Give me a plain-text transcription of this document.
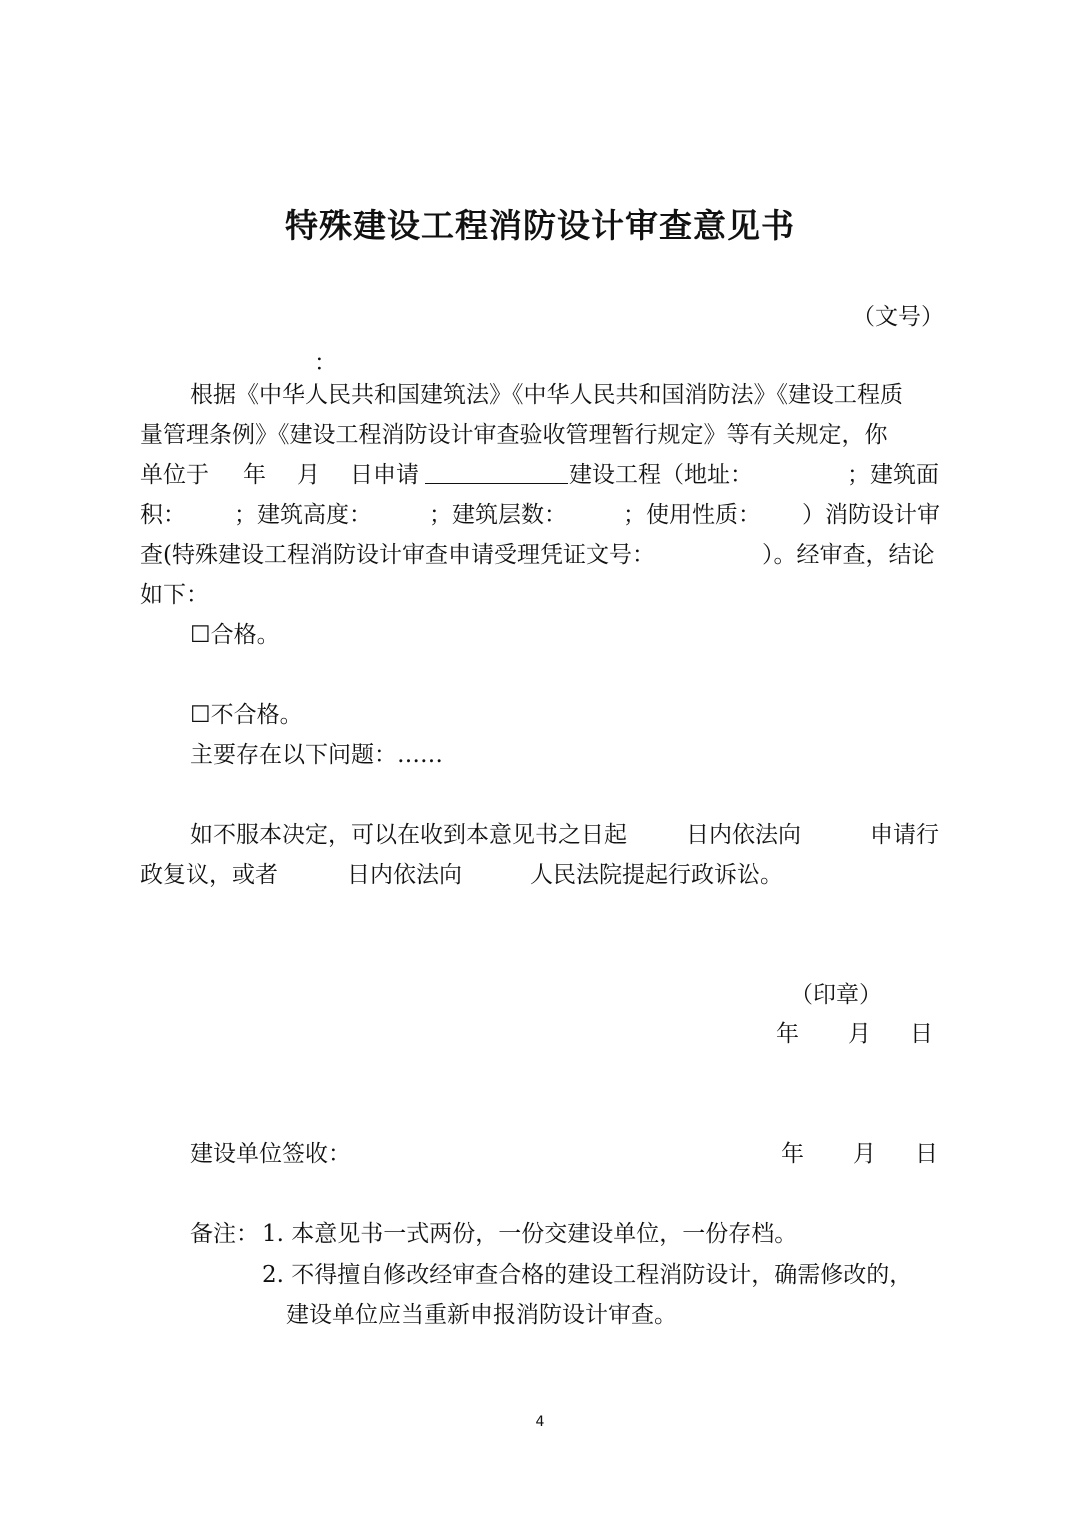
特殊建设工程消防设计审查意见书
（文号）
：
根据《中华人民共和国建筑法》《中华人民共和国消防法》《建设工程质
量管理条例》《建设工程消防设计审查验收管理暂行规定》等有关规定，你
单位于 年 月 日申请	建设工程（地址：	；建筑面
积： ；建筑高度： ；建筑层数： ；使用性质： ）消防设计审
查(特殊建设工程消防设计审查申请受理凭证文号：	）。经审查，结论
如下：
☐合格。
☐不合格。
主要存在以下问题：……
如不服本决定，可以在收到本意见书之日起	日内依法向	申请行
政复议，或者	日内依法向	人民法院提起行政诉讼。
（印章）
年 月 日
建设单位签收：	年 月 日
备注： 1. 本意见书一式两份，一份交建设单位，一份存档。
2. 不得擅自修改经审查合格的建设工程消防设计，确需修改的，
建设单位应当重新申报消防设计审查。
4
